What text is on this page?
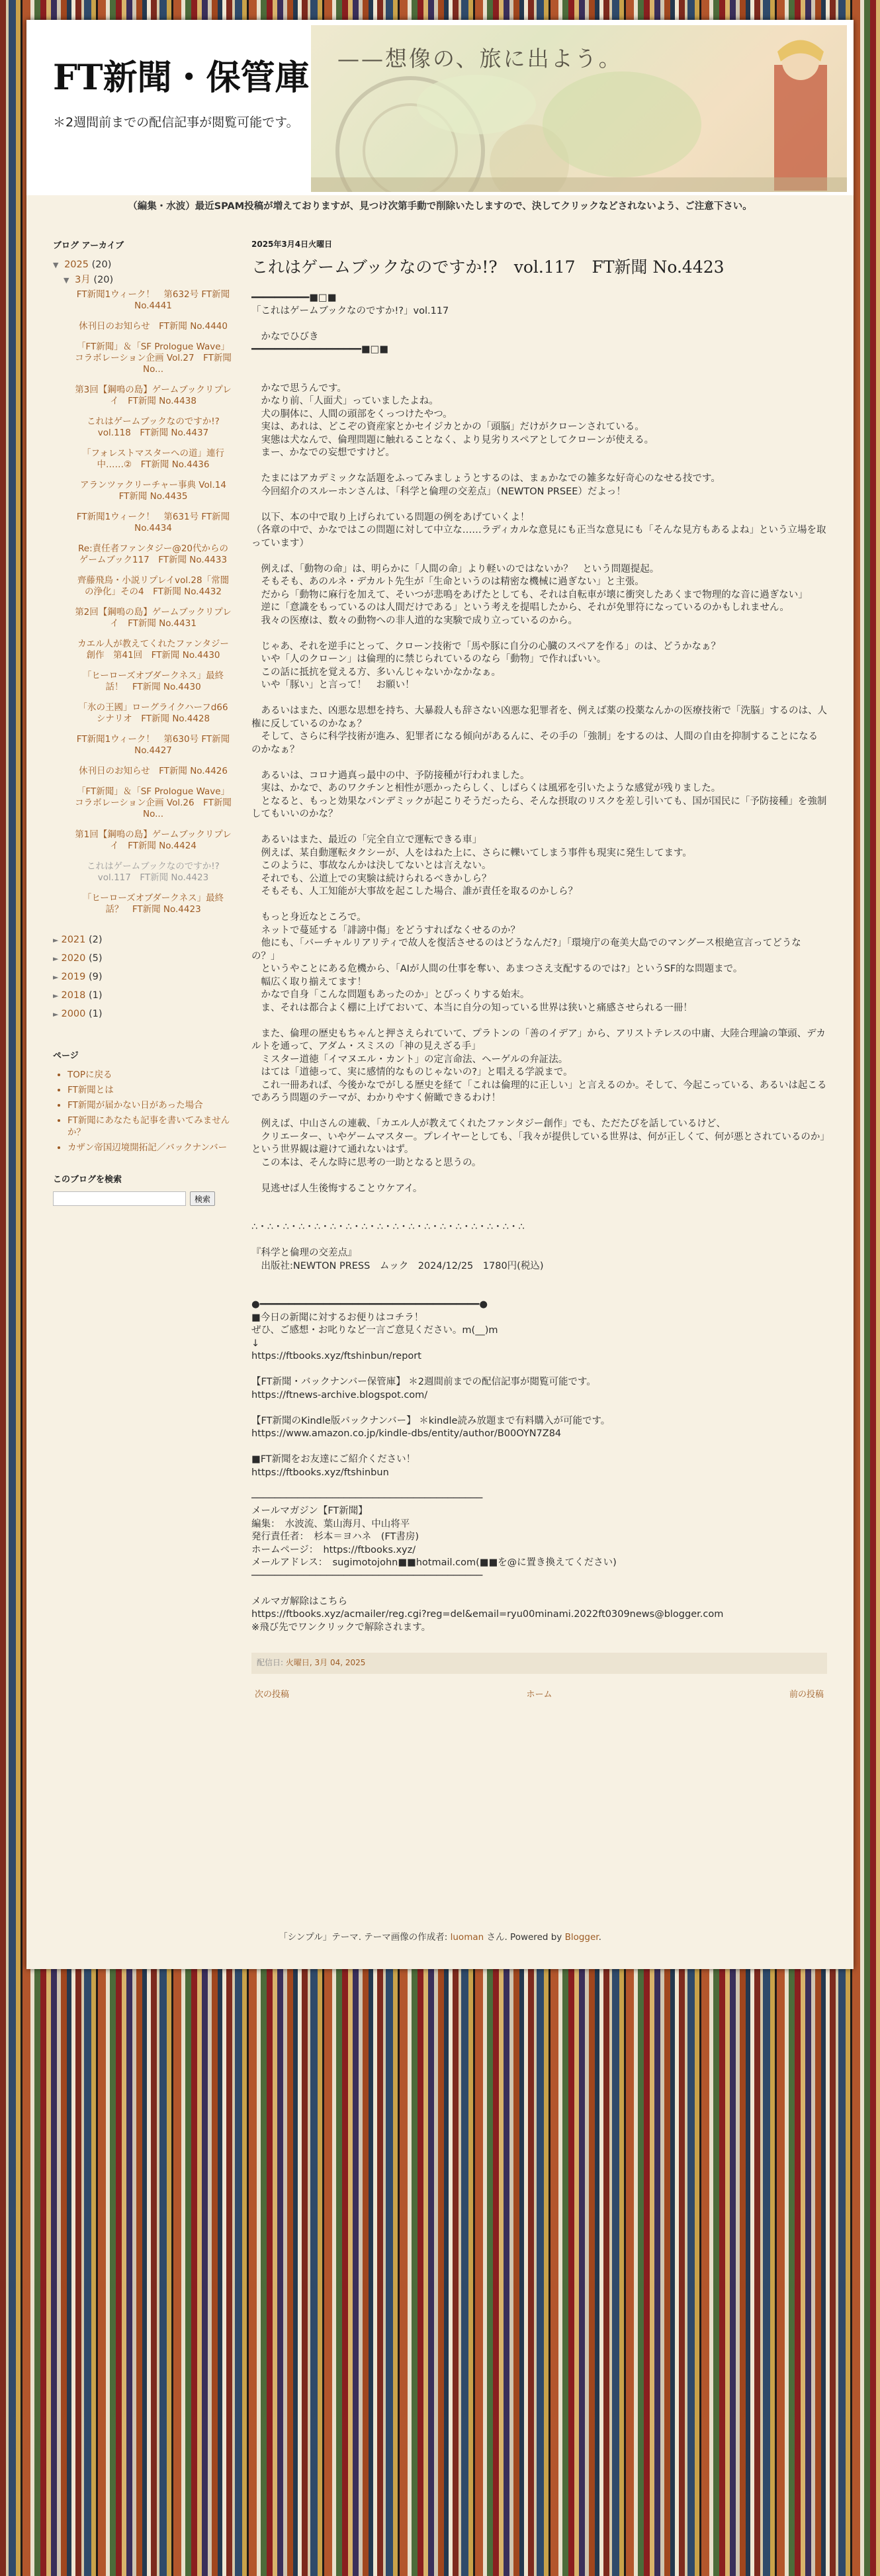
FT新聞・保管庫
＊2週間前までの配信記事が閲覧可能です。
——想像の、旅に出よう。
（編集・水波）最近SPAM投稿が増えておりますが、見つけ次第手動で削除いたしますので、決してクリックなどされないよう、ご注意下さい。
ブログ アーカイブ
▼ 2025 (20)
▼ 3月 (20)
FT新聞1ウィーク！　第632号 FT新聞 No.4441
休刊日のお知らせ　FT新聞 No.4440
「FT新聞」＆「SF Prologue Wave」コラボレーション企画 Vol.27　FT新聞 No...
第3回【鋼鳴の島】ゲームブックリプレイ　FT新聞 No.4438
これはゲームブックなのですか!?　vol.118　FT新聞 No.4437
「フォレストマスターへの道」連行中……②　FT新聞 No.4436
アランツァクリーチャー事典 Vol.14　FT新聞 No.4435
FT新聞1ウィーク！　第631号 FT新聞 No.4434
Re:責任者ファンタジー@20代からのゲームブック117　FT新聞 No.4433
齊藤飛鳥・小説リプレイvol.28「常闇の浄化」その4　FT新聞 No.4432
第2回【鋼鳴の島】ゲームブックリプレイ　FT新聞 No.4431
カエル人が教えてくれたファンタジー創作　第41回　FT新聞 No.4430
「ヒーローズオブダークネス」最終話！　FT新聞 No.4430
「氷の王國」ローグライクハーフd66シナリオ　FT新聞 No.4428
FT新聞1ウィーク！　第630号 FT新聞 No.4427
休刊日のお知らせ　FT新聞 No.4426
「FT新聞」＆「SF Prologue Wave」コラボレーション企画 Vol.26　FT新聞 No...
第1回【鋼鳴の島】ゲームブックリプレイ　FT新聞 No.4424
これはゲームブックなのですか!?　vol.117　FT新聞 No.4423
「ヒーローズオブダークネス」最終話？　FT新聞 No.4423
► 2021 (2)
► 2020 (5)
► 2019 (9)
► 2018 (1)
► 2000 (1)
ページ
• TOPに戻る
• FT新聞とは
• FT新聞が届かない日があった場合
• FT新聞にあなたも記事を書いてみませんか？
• カザン帝国辺境開拓記／バックナンバー
このブログを検索
検索
2025年3月4日火曜日
これはゲームブックなのですか!?　vol.117　FT新聞 No.4423
━━━━━━━━━━■□■
「これはゲームブックなのですか!?」vol.117

　かなでひびき
━━━━━━━━━━━━━━━━━━━■□■

　かなで思うんです。
　かなり前、「人面犬」っていましたよね。
　犬の胴体に、人間の頭部をくっつけたやつ。
　実は、あれは、どこぞの資産家とかセイジカとかの「頭脳」だけがクローンされている。
　実態は犬なんで、倫理問題に触れることなく、より見劣りスペアとしてクローンが使える。
　まー、かなでの妄想ですけど。

　たまにはアカデミックな話題をふってみましょうとするのは、まぁかなでの雑多な好奇心のなせる技です。
　今回紹介のスルーホンさんは、「科学と倫理の交差点」（NEWTON PRSEE）だよっ！

　以下、本の中で取り上げられている問題の例をあげていくよ！
（各章の中で、かなではこの問題に対して中立な……ラディカルな意見にも正当な意見にも「そんな見方もあるよね」という立場を取っています）

　例えば、「動物の命」は、明らかに「人間の命」より軽いのではないか？　という問題提起。
　そもそも、あのルネ・デカルト先生が「生命というのは精密な機械に過ぎない」と主張。
　だから「動物に麻行を加えて、そいつが悲鳴をあげたとしても、それは自転車が壊に衝突したあくまで物理的な音に過ぎない」
　逆に「意識をもっているのは人間だけである」という考えを提唱したから、それが免罪符になっているのかもしれません。
　我々の医療は、数々の動物への非人道的な実験で成り立っているのから。

　じゃあ、それを逆手にとって、クローン技術で「馬や豚に自分の心臓のスペアを作る」のは、どうかなぁ？
　いや「人のクローン」は倫理的に禁じられているのなら「動物」で作ればいい。
　この話に抵抗を覚える方、多いんじゃないかなかなぁ。
　いや「豚い」と言って！　お願い！

　あるいはまた、凶悪な思想を持ち、大暴殺人も辞さない凶悪な犯罪者を、例えば薬の投薬なんかの医療技術で「洗脳」するのは、人権に反しているのかなぁ？
　そして、さらに科学技術が進み、犯罪者になる傾向があるんに、その手の「強制」をするのは、人間の自由を抑制することになるのかなぁ？

　あるいは、コロナ過真っ最中の中、予防接種が行われました。
　実は、かなで、あのワクチンと相性が悪かったらしく、しばらくは風邪を引いたような感覚が残りました。
　となると、もっと効果なパンデミックが起こりそうだったら、そんな摂取のリスクを差し引いても、国が国民に「予防接種」を強制してもいいのかな？

　あるいはまた、最近の「完全自立で運転できる車」
　例えば、某自動運転タクシーが、人をはねた上に、さらに轢いてしまう事件も現実に発生してます。
　このように、事故なんかは決してないとは言えない。
　それでも、公道上での実験は続けられるべきかしら？
　そもそも、人工知能が大事故を起こした場合、誰が責任を取るのかしら？

　もっと身近なところで。
　ネットで蔓延する「誹謗中傷」をどうすればなくせるのか？
　他にも、「バーチャルリアリティで故人を復活させるのはどうなんだ?」「環境庁の奄美大島でのマングース根絶宣言ってどうなの？」
　というやことにある危機から、「AIが人間の仕事を奪い、あまつさえ支配するのでは?」というSF的な問題まで。
　幅広く取り揃えてます！
　かなで自身「こんな問題もあったのか」とびっくりする始末。
　ま、それは都合よく棚に上げておいて、本当に自分の知っている世界は狭いと痛感させられる一冊！

　また、倫理の歴史もちゃんと押さえられていて、プラトンの「善のイデア」から、アリストテレスの中庸、大陸合理論の筆頭、デカルトを通って、アダム・スミスの「神の見えざる手」
　ミスター道徳「イマヌエル・カント」の定言命法、ヘーゲルの弁証法。
　はては「道徳って、実に感情的なものじゃないの?」と唱える学説まで。
　これ一冊あれば、今後かなでがしる歴史を経て「これは倫理的に正しい」と言えるのか。そして、今起こっている、あるいは起こるであろう問題のテーマが、わかりやすく俯瞰できるわけ！

　例えば、中山さんの連載、「カエル人が教えてくれたファンタジー創作」でも、ただたびを話しているけど、
　クリエーター、いやゲームマスター。プレイヤーとしても、「我々が提供している世界は、何が正しくて、何が悪とされているのか」という世界観は避けて通れないはず。
　この本は、そんな時に思考の一助となると思うの。

　見逃せば人生後悔することウケアイ。

∴・∴・∴・∴・∴・∴・∴・∴・∴・∴・∴・∴・∴・∴・∴・∴・∴・∴

『科学と倫理の交差点』
　出版社:NEWTON PRESS　ムック　2024/12/25　1780円(税込)

●━━━━━━━━━━━━━━━━━━━━━━━━━━━━━━━━━━━━━━●
■今日の新聞に対するお便りはコチラ！
ぜひ、ご感想・お叱りなど一言ご意見ください。m(__)m
↓
https://ftbooks.xyz/ftshinbun/report

【FT新聞・バックナンバー保管庫】 ＊2週間前までの配信記事が閲覧可能です。
https://ftnews-archive.blogspot.com/

【FT新聞のKindle版バックナンバー】 ＊kindle読み放題まで有料購入が可能です。
https://www.amazon.co.jp/kindle-dbs/entity/author/B00OYN7Z84

■FT新聞をお友達にご紹介ください！
https://ftbooks.xyz/ftshinbun

────────────────────────────────────────
メールマガジン【FT新聞】
編集：　水波流、葉山海月、中山将平
発行責任者：　杉本＝ヨハネ　(FT書房)
ホームページ：　https://ftbooks.xyz/
メールアドレス：　sugimotojohn■■hotmail.com(■■を@に置き換えてください)
────────────────────────────────────────

メルマガ解除はこちら
https://ftbooks.xyz/acmailer/reg.cgi?reg=del&email=ryu00minami.2022ft0309news@blogger.com
※飛び先でワンクリックで解除されます。
配信日: 火曜日, 3月 04, 2025
次の投稿	ホーム	前の投稿
「シンプル」テーマ. テーマ画像の作成者: luoman さん. Powered by Blogger.
